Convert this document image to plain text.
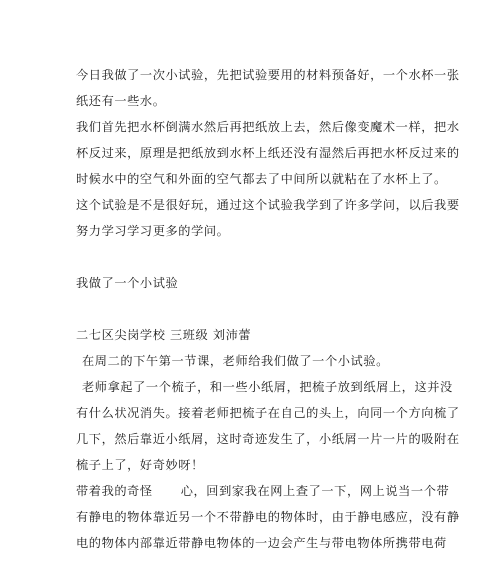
今日我做了一次小试验，先把试验要用的材料预备好，一个水杯一张
纸还有一些水。
我们首先把水杯倒满水然后再把纸放上去，然后像变魔术一样，把水
杯反过来，原理是把纸放到水杯上纸还没有湿然后再把水杯反过来的
时候水中的空气和外面的空气都去了中间所以就粘在了水杯上了。
这个试验是不是很好玩，通过这个试验我学到了许多学问，以后我要
努力学习学习更多的学问。
我做了一个小试验
二七区尖岗学校 三班级 刘沛蕾
在周二的下午第一节课，老师给我们做了一个小试验。
老师拿起了一个梳子，和一些小纸屑，把梳子放到纸屑上，这并没
有什么状况消失。接着老师把梳子在自己的头上，向同一个方向梳了
几下，然后靠近小纸屑，这时奇迹发生了，小纸屑一片一片的吸附在
梳子上了，好奇妙呀！
带着我的奇怪 心，回到家我在网上查了一下，网上说当一个带
有静电的物体靠近另一个不带静电的物体时，由于静电感应，没有静
电的物体内部靠近带静电物体的一边会产生与带电物体所携带电荷
